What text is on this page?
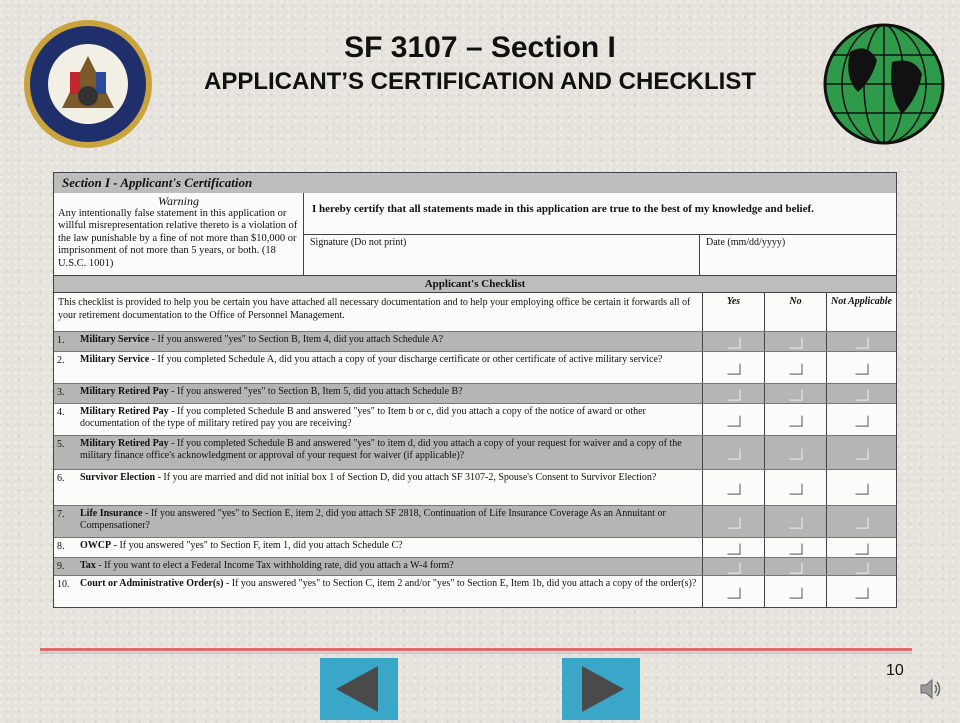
SF 3107 – Section I
APPLICANT’S CERTIFICATION AND CHECKLIST
Section I - Applicant's Certification
Warning
Any intentionally false statement in this application or willful misrepresentation relative thereto is a violation of the law punishable by a fine of not more than $10,000 or imprisonment of not more than 5 years, or both. (18 U.S.C. 1001)
I hereby certify that all statements made in this application are true to the best of my knowledge and belief.
Signature (Do not print)	Date (mm/dd/yyyy)
Applicant's Checklist
This checklist is provided to help you be certain you have attached all necessary documentation and to help your employing office be certain it forwards all of your retirement documentation to the Office of Personnel Management.
Yes	No	Not Applicable
1. Military Service - If you answered "yes" to Section B, Item 4, did you attach Schedule A?
2. Military Service - If you completed Schedule A, did you attach a copy of your discharge certificate or other certificate of active military service?
3. Military Retired Pay - If you answered "yes" to Section B, Item 5, did you attach Schedule B?
4. Military Retired Pay - If you completed Schedule B and answered "yes" to Item b or c, did you attach a copy of the notice of award or other documentation of the type of military retired pay you are receiving?
5. Military Retired Pay - If you completed Schedule B and answered "yes" to item d, did you attach a copy of your request for waiver and a copy of the military finance office's acknowledgment or approval of your request for waiver (if applicable)?
6. Survivor Election - If you are married and did not initial box 1 of Section D, did you attach SF 3107-2, Spouse's Consent to Survivor Election?
7. Life Insurance - If you answered "yes" to Section E, item 2, did you attach SF 2818, Continuation of Life Insurance Coverage As an Annuitant or Compensationer?
8. OWCP - If you answered "yes" to Section F, item 1, did you attach Schedule C?
9. Tax - If you want to elect a Federal Income Tax withholding rate, did you attach a W-4 form?
10. Court or Administrative Order(s) - If you answered "yes" to Section C, item 2 and/or "yes" to Section E, Item 1b, did you attach a copy of the order(s)?
10
